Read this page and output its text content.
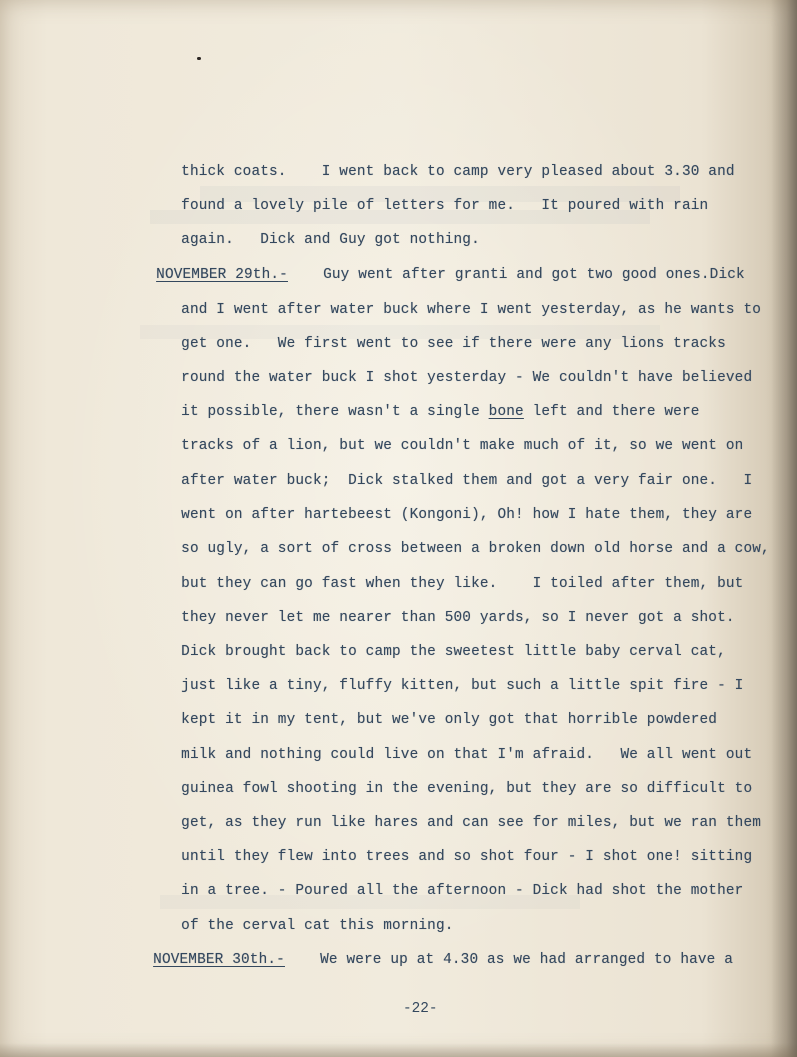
thick coats.    I went back to camp very pleased about 3.30 and

found a lovely pile of letters for me.   It poured with rain

again.   Dick and Guy got nothing.

NOVEMBER 29th.-    Guy went after granti and got two good ones.Dick

and I went after water buck where I went yesterday, as he wants to

get one.   We first went to see if there were any lions tracks

round the water buck I shot yesterday - We couldn't have believed

it possible, there wasn't a single bone left and there were

tracks of a lion, but we couldn't make much of it, so we went on

after water buck;  Dick stalked them and got a very fair one.   I

went on after hartebeest (Kongoni), Oh! how I hate them, they are

so ugly, a sort of cross between a broken down old horse and a cow,

but they can go fast when they like.    I toiled after them, but

they never let me nearer than 500 yards, so I never got a shot.

Dick brought back to camp the sweetest little baby cerval cat,

just like a tiny, fluffy kitten, but such a little spit fire - I

kept it in my tent, but we've only got that horrible powdered

milk and nothing could live on that I'm afraid.   We all went out

guinea fowl shooting in the evening, but they are so difficult to

get, as they run like hares and can see for miles, but we ran them

until they flew into trees and so shot four - I shot one! sitting

in a tree. - Poured all the afternoon - Dick had shot the mother

of the cerval cat this morning.

NOVEMBER 30th.-    We were up at 4.30 as we had arranged to have a

-22-
